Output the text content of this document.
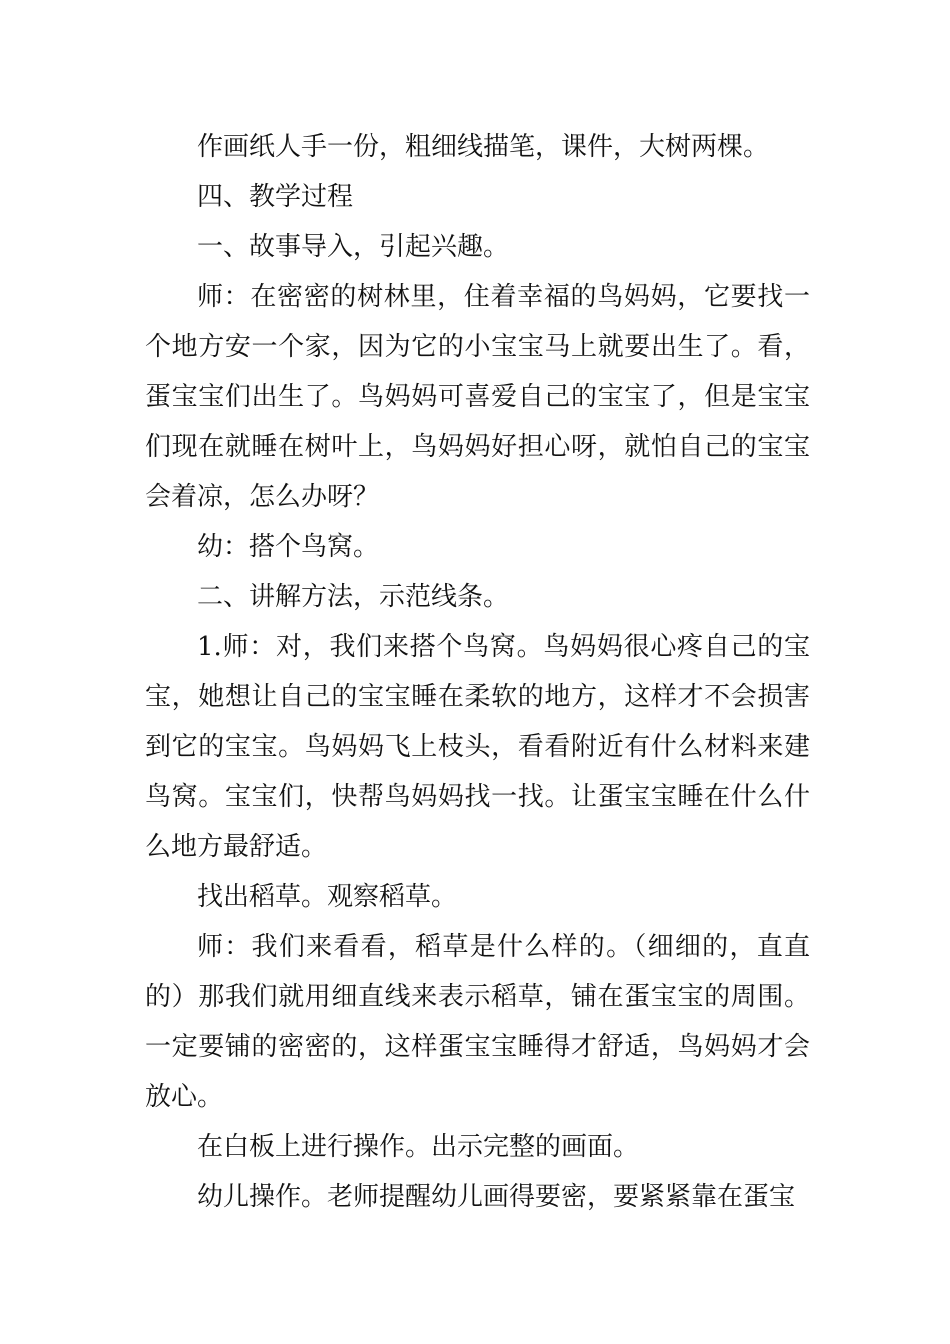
作画纸人手一份，粗细线描笔，课件，大树两棵。

四、教学过程

一、故事导入，引起兴趣。

师：在密密的树林里，住着幸福的鸟妈妈，它要找一个地方安一个家，因为它的小宝宝马上就要出生了。看，蛋宝宝们出生了。鸟妈妈可喜爱自己的宝宝了，但是宝宝们现在就睡在树叶上，鸟妈妈好担心呀，就怕自己的宝宝会着凉，怎么办呀？

幼：搭个鸟窝。

二、讲解方法，示范线条。

1.师：对，我们来搭个鸟窝。鸟妈妈很心疼自己的宝宝，她想让自己的宝宝睡在柔软的地方，这样才不会损害到它的宝宝。鸟妈妈飞上枝头，看看附近有什么材料来建鸟窝。宝宝们，快帮鸟妈妈找一找。让蛋宝宝睡在什么什么地方最舒适。

找出稻草。观察稻草。

师：我们来看看，稻草是什么样的。（细细的，直直的）那我们就用细直线来表示稻草，铺在蛋宝宝的周围。一定要铺的密密的，这样蛋宝宝睡得才舒适，鸟妈妈才会放心。

在白板上进行操作。出示完整的画面。

幼儿操作。老师提醒幼儿画得要密，要紧紧靠在蛋宝
